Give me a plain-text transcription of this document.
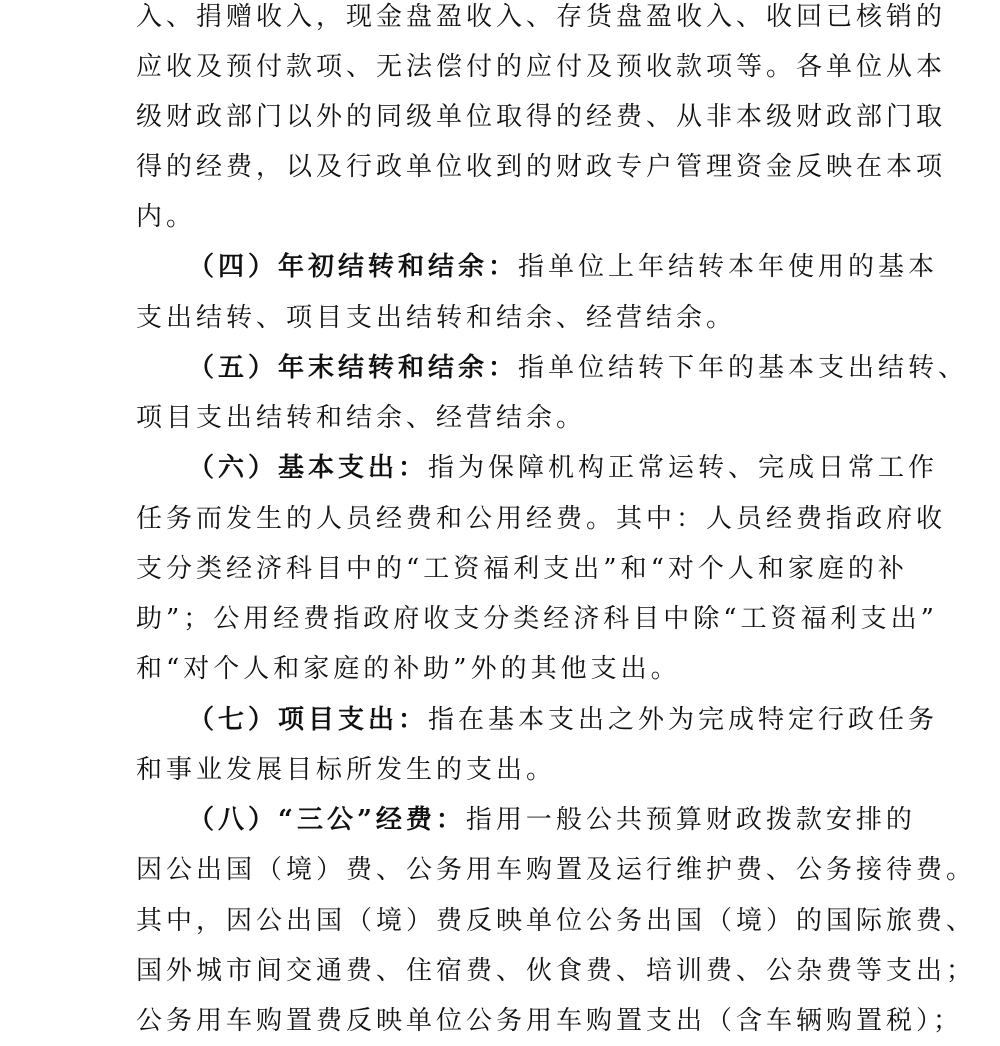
入、捐赠收入，现金盘盈收入、存货盘盈收入、收回已核销的
应收及预付款项、无法偿付的应付及预收款项等。各单位从本
级财政部门以外的同级单位取得的经费、从非本级财政部门取
得的经费，以及行政单位收到的财政专户管理资金反映在本项
内。
（四）年初结转和结余：指单位上年结转本年使用的基本
支出结转、项目支出结转和结余、经营结余。
（五）年末结转和结余：指单位结转下年的基本支出结转、
项目支出结转和结余、经营结余。
（六）基本支出：指为保障机构正常运转、完成日常工作
任务而发生的人员经费和公用经费。其中：人员经费指政府收
支分类经济科目中的“工资福利支出”和“对个人和家庭的补
助”；公用经费指政府收支分类经济科目中除“工资福利支出”
和“对个人和家庭的补助”外的其他支出。
（七）项目支出：指在基本支出之外为完成特定行政任务
和事业发展目标所发生的支出。
（八）“三公”经费：指用一般公共预算财政拨款安排的
因公出国（境）费、公务用车购置及运行维护费、公务接待费。
其中，因公出国（境）费反映单位公务出国（境）的国际旅费、
国外城市间交通费、住宿费、伙食费、培训费、公杂费等支出；
公务用车购置费反映单位公务用车购置支出（含车辆购置税）；
